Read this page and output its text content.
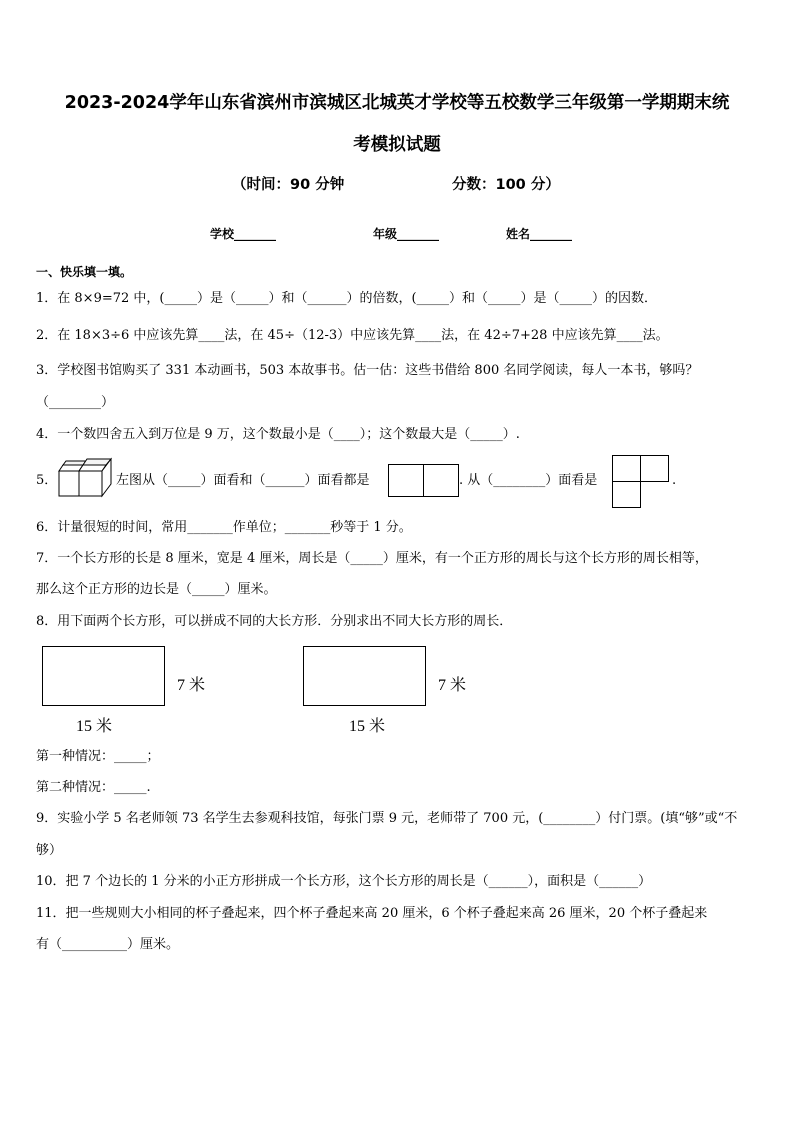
2023-2024学年山东省滨州市滨城区北城英才学校等五校数学三年级第一学期期末统
考模拟试题
（时间：90 分钟	分数：100 分）
学校_______	年级_______	姓名_______
一、快乐填一填。
1．在 8×9=72 中，(_____）是（_____）和（______）的倍数，(_____）和（_____）是（_____）的因数．
2．在 18×3÷6 中应该先算____法，在 45÷（12-3）中应该先算____法，在 42÷7+28 中应该先算____法。
3．学校图书馆购买了 331 本动画书，503 本故事书。估一估：这些书借给 800 名同学阅读，每人一本书，够吗？
（________）
4．一个数四舍五入到万位是 9 万，这个数最小是（____）；这个数最大是（_____）.
5．	左图从（_____）面看和（______）面看都是	. 从（________）面看是	.
6．计量很短的时间，常用_______作单位；_______秒等于 1 分。
7．一个长方形的长是 8 厘米，宽是 4 厘米，周长是（_____）厘米，有一个正方形的周长与这个长方形的周长相等，
那么这个正方形的边长是（_____）厘米。
8．用下面两个长方形，可以拼成不同的大长方形．分别求出不同大长方形的周长．
7 米
15 米
7 米
15 米
第一种情况：_____；
第二种情况：_____.
9．实验小学 5 名老师领 73 名学生去参观科技馆，每张门票 9 元，老师带了 700 元，(________）付门票。(填“够”或“不
够）
10．把 7 个边长的 1 分米的小正方形拼成一个长方形，这个长方形的周长是（______），面积是（______）
11．把一些规则大小相同的杯子叠起来，四个杯子叠起来高 20 厘米，6 个杯子叠起来高 26 厘米，20 个杯子叠起来
有（__________）厘米。
